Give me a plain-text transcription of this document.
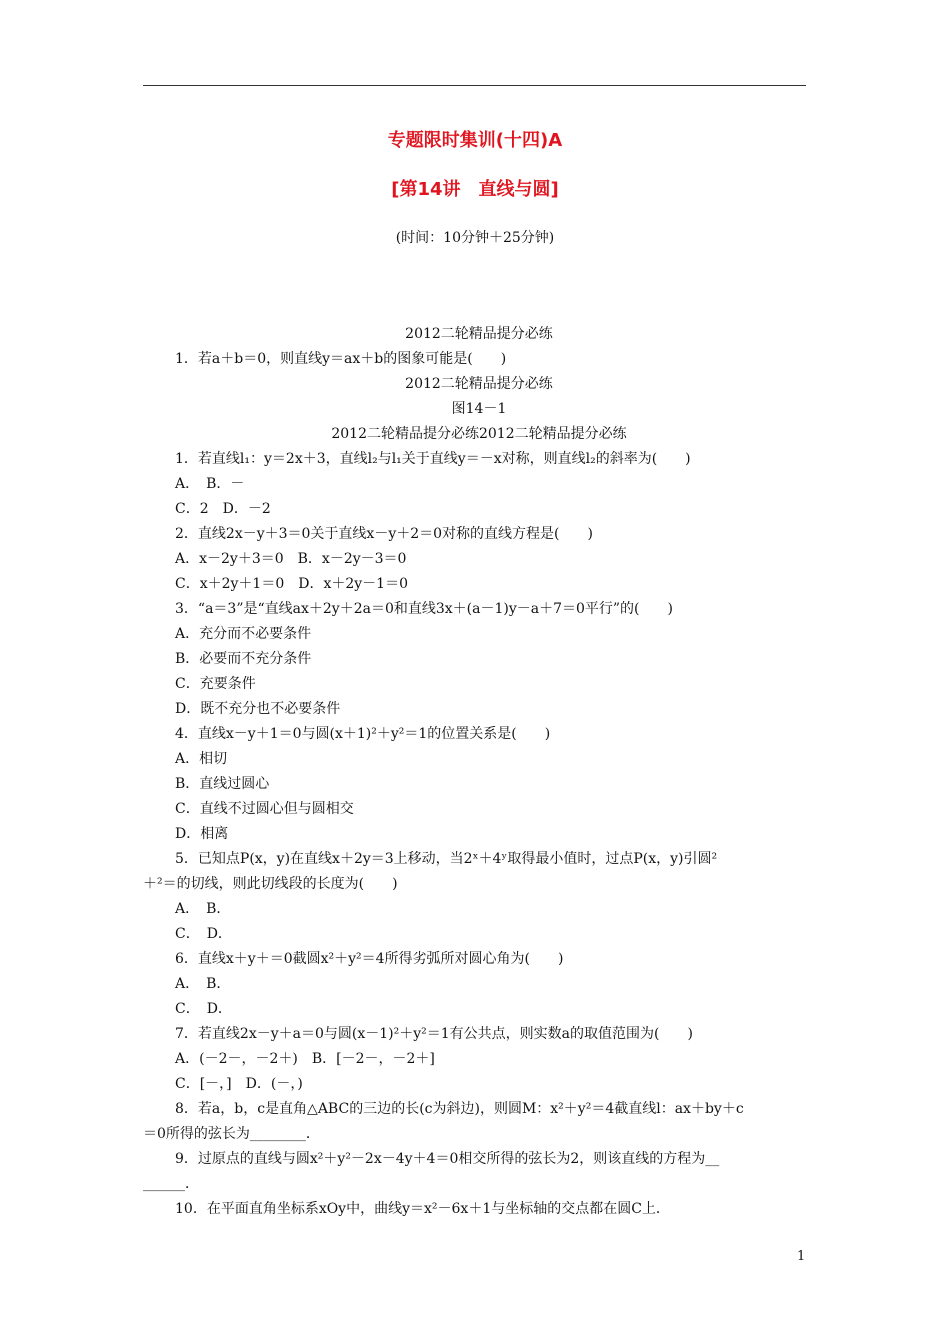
专题限时集训(十四)A
[第14讲　直线与圆]
(时间：10分钟＋25分钟)
2012二轮精品提分必练
1．若a＋b＝0，则直线y＝ax＋b的图象可能是(　　)
2012二轮精品提分必练
图14－1
2012二轮精品提分必练2012二轮精品提分必练
1．若直线l₁：y＝2x＋3，直线l₂与l₁关于直线y＝－x对称，则直线l₂的斜率为(　　)
A．　B．－
C．2　D．－2
2．直线2x－y＋3＝0关于直线x－y＋2＝0对称的直线方程是(　　)
A．x－2y＋3＝0　B．x－2y－3＝0
C．x＋2y＋1＝0　D．x＋2y－1＝0
3．“a＝3”是“直线ax＋2y＋2a＝0和直线3x＋(a－1)y－a＋7＝0平行”的(　　)
A．充分而不必要条件
B．必要而不充分条件
C．充要条件
D．既不充分也不必要条件
4．直线x－y＋1＝0与圆(x＋1)²＋y²＝1的位置关系是(　　)
A．相切
B．直线过圆心
C．直线不过圆心但与圆相交
D．相离
5．已知点P(x，y)在直线x＋2y＝3上移动，当2ˣ＋4ʸ取得最小值时，过点P(x，y)引圆²
＋²＝的切线，则此切线段的长度为(　　)
A．　B．
C．　D．
6．直线x＋y＋＝0截圆x²＋y²＝4所得劣弧所对圆心角为(　　)
A．　B．
C．　D．
7．若直线2x－y＋a＝0与圆(x－1)²＋y²＝1有公共点，则实数a的取值范围为(　　)
A．(－2－，－2＋)　B．[－2－，－2＋]
C．[－，]　D．(－，)
8．若a，b，c是直角△ABC的三边的长(c为斜边)，则圆M：x²＋y²＝4截直线l：ax＋by＋c
＝0所得的弦长为________．
9．过原点的直线与圆x²＋y²－2x－4y＋4＝0相交所得的弦长为2，则该直线的方程为__
______．
10．在平面直角坐标系xOy中，曲线y＝x²－6x＋1与坐标轴的交点都在圆C上．
1
